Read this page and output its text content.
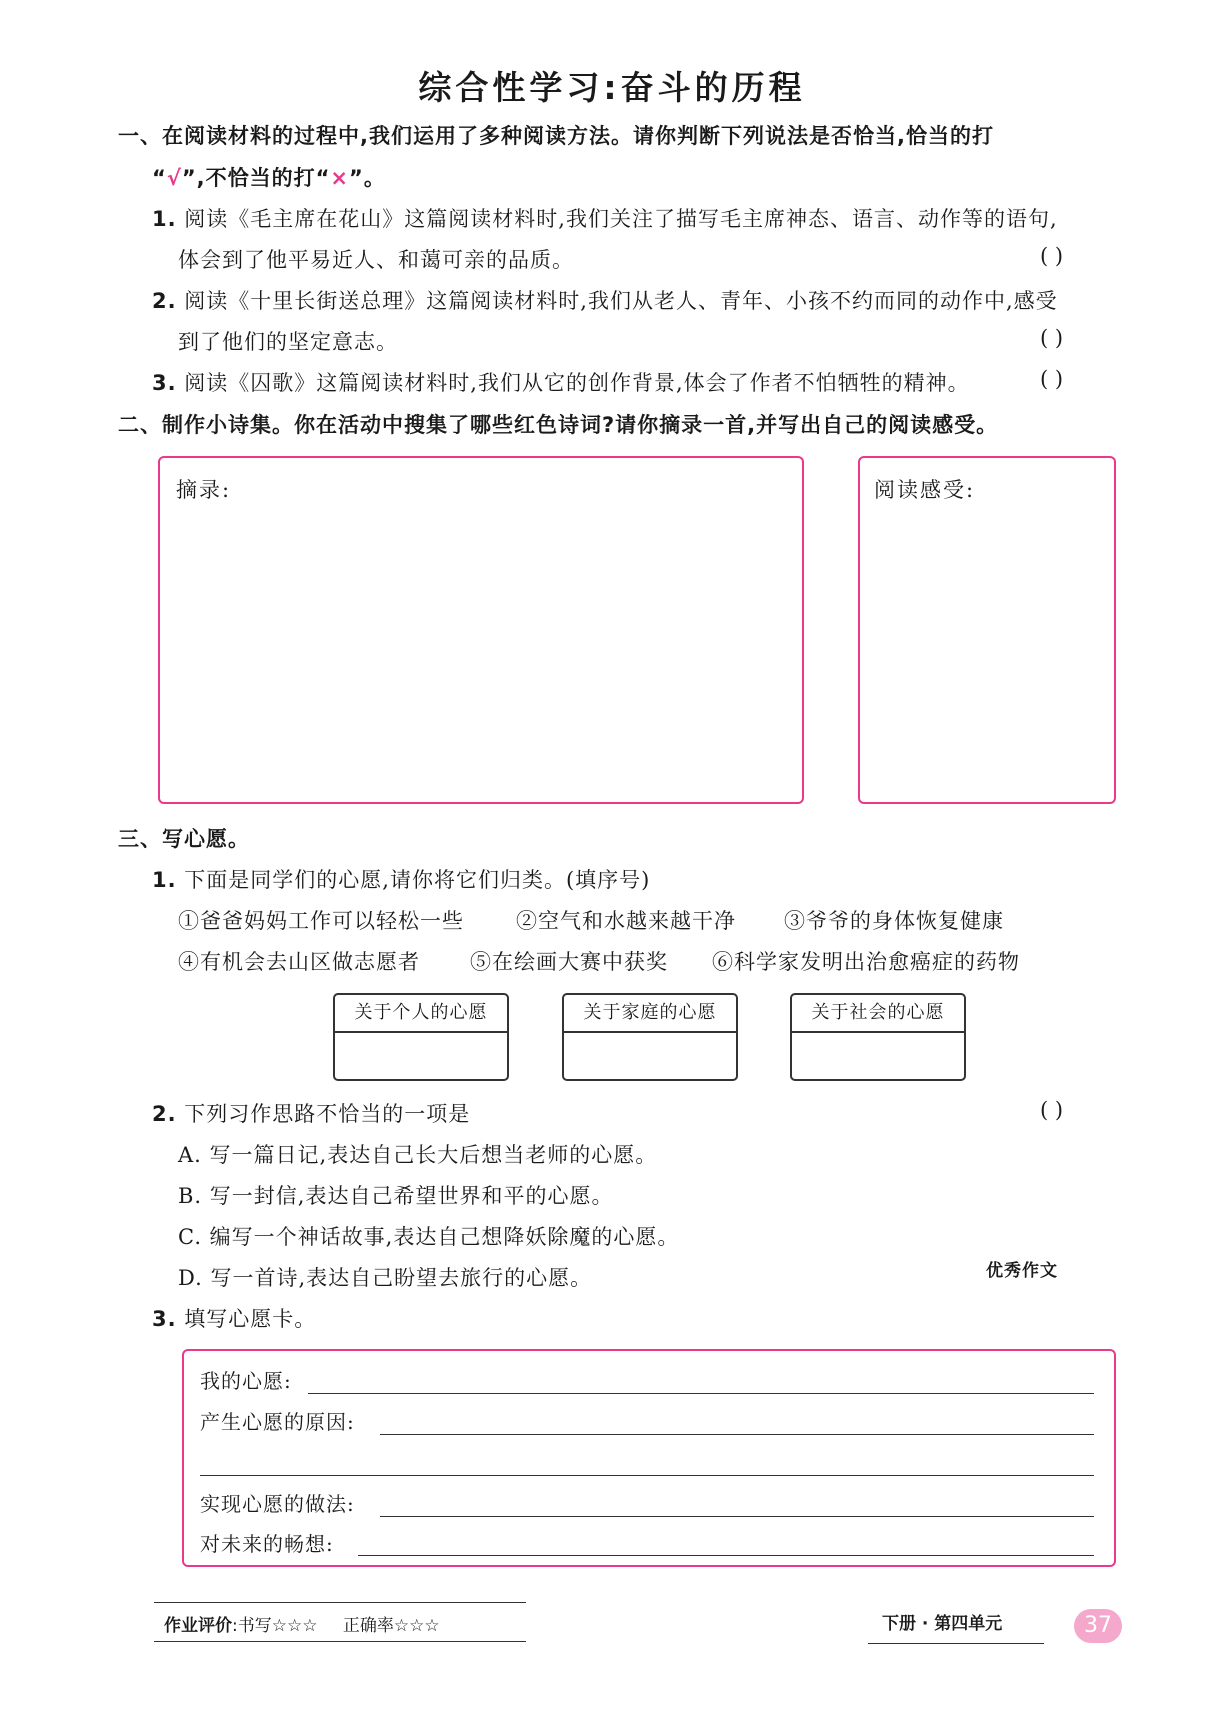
综合性学习:奋斗的历程
一、在阅读材料的过程中,我们运用了多种阅读方法。请你判断下列说法是否恰当,恰当的打
“√”,不恰当的打“×”。
1. 阅读《毛主席在花山》这篇阅读材料时,我们关注了描写毛主席神态、语言、动作等的语句,
体会到了他平易近人、和蔼可亲的品质。	( )
2. 阅读《十里长街送总理》这篇阅读材料时,我们从老人、青年、小孩不约而同的动作中,感受
到了他们的坚定意志。	( )
3. 阅读《囚歌》这篇阅读材料时,我们从它的创作背景,体会了作者不怕牺牲的精神。	( )
二、制作小诗集。你在活动中搜集了哪些红色诗词?请你摘录一首,并写出自己的阅读感受。
摘录:	阅读感受:
三、写心愿。
1. 下面是同学们的心愿,请你将它们归类。(填序号)
①爸爸妈妈工作可以轻松一些 ②空气和水越来越干净 ③爷爷的身体恢复健康
④有机会去山区做志愿者 ⑤在绘画大赛中获奖 ⑥科学家发明出治愈癌症的药物
关于个人的心愿	关于家庭的心愿	关于社会的心愿
2. 下列习作思路不恰当的一项是	( )
A. 写一篇日记,表达自己长大后想当老师的心愿。
B. 写一封信,表达自己希望世界和平的心愿。
C. 编写一个神话故事,表达自己想降妖除魔的心愿。
D. 写一首诗,表达自己盼望去旅行的心愿。	优秀作文
3. 填写心愿卡。
我的心愿:
产生心愿的原因:
实现心愿的做法:
对未来的畅想:
作业评价:书写☆☆☆ 正确率☆☆☆	下册 · 第四单元	37
